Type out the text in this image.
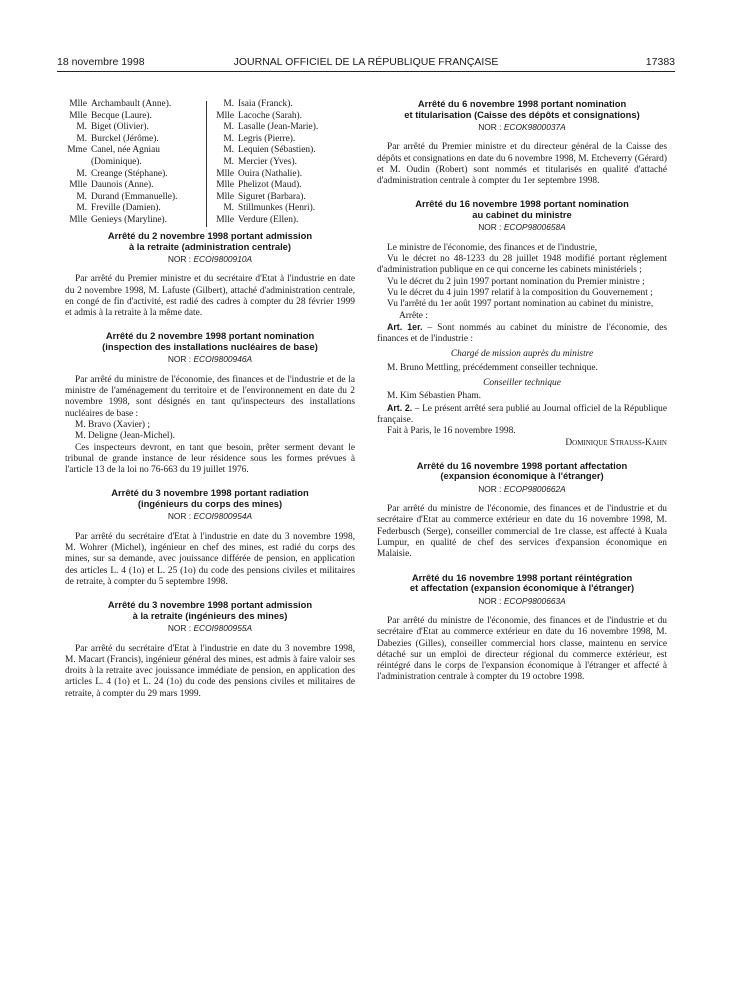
18 novembre 1998	JOURNAL OFFICIEL DE LA RÉPUBLIQUE FRANÇAISE	17383
Mlle Archambault (Anne).
Mlle Becque (Laure).
M. Biget (Olivier).
M. Burckel (Jérôme).
Mme Canel, née Agniau
(Dominique).
M. Creange (Stéphane).
Mlle Daunois (Anne).
M. Durand (Emmanuelle).
M. Freville (Damien).
Mlle Genieys (Maryline).
M. Isaia (Franck).
Mlle Lacoche (Sarah).
M. Lasalle (Jean-Marie).
M. Legris (Pierre).
M. Lequien (Sébastien).
M. Mercier (Yves).
Mlle Ouira (Nathalie).
Mlle Phelizot (Maud).
Mlle Siguret (Barbara).
M. Stillmunkes (Henri).
Mlle Verdure (Ellen).
Arrêté du 2 novembre 1998 portant admission
à la retraite (administration centrale)
NOR : ECOI9800910A

Par arrêté du Premier ministre et du secrétaire d'Etat à l'industrie en date du 2 novembre 1998, M. Lafuste (Gilbert), attaché d'administration centrale, en congé de fin d'activité, est radié des cadres à compter du 28 février 1999 et admis à la retraite à la même date.

Arrêté du 2 novembre 1998 portant nomination
(inspection des installations nucléaires de base)
NOR : ECOI9800946A

Par arrêté du ministre de l'économie, des finances et de l'industrie et de la ministre de l'aménagement du territoire et de l'environnement en date du 2 novembre 1998, sont désignés en tant qu'inspecteurs des installations nucléaires de base :

M. Bravo (Xavier) ;

M. Deligne (Jean-Michel).

Ces inspecteurs devront, en tant que besoin, prêter serment devant le tribunal de grande instance de leur résidence sous les formes prévues à l'article 13 de la loi no 76-663 du 19 juillet 1976.

Arrêté du 3 novembre 1998 portant radiation
(ingénieurs du corps des mines)
NOR : ECOI9800954A

Par arrêté du secrétaire d'Etat à l'industrie en date du 3 novembre 1998, M. Wohrer (Michel), ingénieur en chef des mines, est radié du corps des mines, sur sa demande, avec jouissance différée de pension, en application des articles L. 4 (1o) et L. 25 (1o) du code des pensions civiles et militaires de retraite, à compter du 5 septembre 1998.

Arrêté du 3 novembre 1998 portant admission
à la retraite (ingénieurs des mines)
NOR : ECOI9800955A

Par arrêté du secrétaire d'Etat à l'industrie en date du 3 novembre 1998, M. Macart (Francis), ingénieur général des mines, est admis à faire valoir ses droits à la retraite avec jouissance immédiate de pension, en application des articles L. 4 (1o) et L. 24 (1o) du code des pensions civiles et militaires de retraite, à compter du 29 mars 1999.

Arrêté du 6 novembre 1998 portant nomination
et titularisation (Caisse des dépôts et consignations)
NOR : ECOK9800037A

Par arrêté du Premier ministre et du directeur général de la Caisse des dépôts et consignations en date du 6 novembre 1998, M. Etcheverry (Gérard) et M. Oudin (Robert) sont nommés et titularisés en qualité d'attaché d'administration centrale à compter du 1er septembre 1998.

Arrêté du 16 novembre 1998 portant nomination
au cabinet du ministre
NOR : ECOP9800658A

Le ministre de l'économie, des finances et de l'industrie,

Vu le décret no 48-1233 du 28 juillet 1948 modifié portant règlement d'administration publique en ce qui concerne les cabinets ministériels ;

Vu le décret du 2 juin 1997 portant nomination du Premier ministre ;

Vu le décret du 4 juin 1997 relatif à la composition du Gouvernement ;

Vu l'arrêté du 1er août 1997 portant nomination au cabinet du ministre,

Arrête :

Art. 1er. – Sont nommés au cabinet du ministre de l'économie, des finances et de l'industrie :

Chargé de mission auprès du ministre

M. Bruno Mettling, précédemment conseiller technique.

Conseiller technique

M. Kim Sébastien Pham.

Art. 2. – Le présent arrêté sera publié au Journal officiel de la République française.

Fait à Paris, le 16 novembre 1998.

Dominique Strauss-Kahn

Arrêté du 16 novembre 1998 portant affectation
(expansion économique à l'étranger)
NOR : ECOP9800662A

Par arrêté du ministre de l'économie, des finances et de l'industrie et du secrétaire d'Etat au commerce extérieur en date du 16 novembre 1998, M. Federbusch (Serge), conseiller commercial de 1re classe, est affecté à Kuala Lumpur, en qualité de chef des services d'expansion économique en Malaisie.

Arrêté du 16 novembre 1998 portant réintégration
et affectation (expansion économique à l'étranger)
NOR : ECOP9800663A

Par arrêté du ministre de l'économie, des finances et de l'industrie et du secrétaire d'Etat au commerce extérieur en date du 16 novembre 1998, M. Dabezies (Gilles), conseiller commercial hors classe, maintenu en service détaché sur un emploi de directeur régional du commerce extérieur, est réintégré dans le corps de l'expansion économique à l'étranger et affecté à l'administration centrale à compter du 19 octobre 1998.
